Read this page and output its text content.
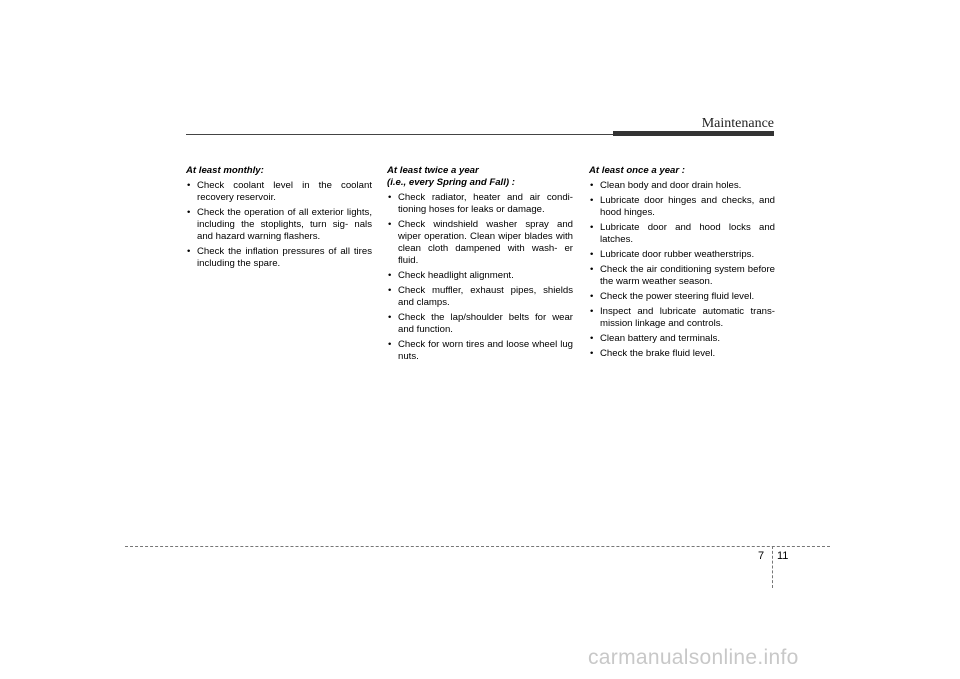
Maintenance

At least monthly:

• Check coolant level in the coolant recovery reservoir.
• Check the operation of all exterior lights, including the stoplights, turn sig- nals and hazard warning flashers.
• Check the inflation pressures of all tires including the spare.

At least twice a year
(i.e., every Spring and Fall) :

• Check radiator, heater and air condi- tioning hoses for leaks or damage.
• Check windshield washer spray and wiper operation. Clean wiper blades with clean cloth dampened with wash- er fluid.
• Check headlight alignment.
• Check muffler, exhaust pipes, shields and clamps.
• Check the lap/shoulder belts for wear and function.
• Check for worn tires and loose wheel lug nuts.

At least once a year :

• Clean body and door drain holes.
• Lubricate door hinges and checks, and hood hinges.
• Lubricate door and hood locks and latches.
• Lubricate door rubber weatherstrips.
• Check the air conditioning system before the warm weather season.
• Check the power steering fluid level.
• Inspect and lubricate automatic trans- mission linkage and controls.
• Clean battery and terminals.
• Check the brake fluid level.
7 11
carmanualsonline.info
